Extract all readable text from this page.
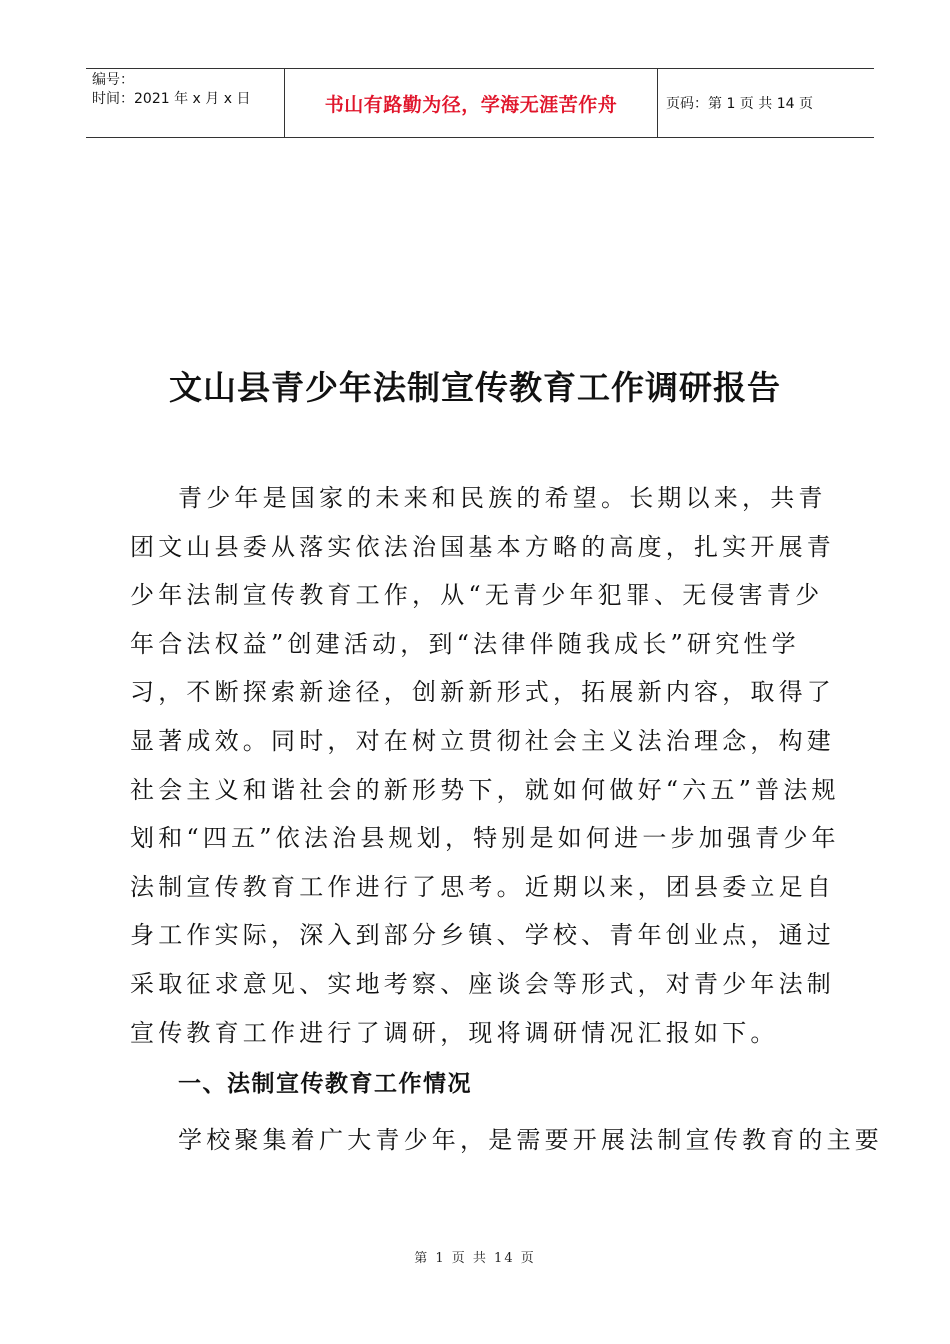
编号：
时间：2021 年 x 月 x 日	书山有路勤为径，学海无涯苦作舟	页码：第 1 页 共 14 页
文山县青少年法制宣传教育工作调研报告

青少年是国家的未来和民族的希望。长期以来，共青团文山县委从落实依法治国基本方略的高度，扎实开展青少年法制宣传教育工作，从“无青少年犯罪、无侵害青少年合法权益”创建活动，到“法律伴随我成长”研究性学习，不断探索新途径，创新新形式，拓展新内容，取得了显著成效。同时，对在树立贯彻社会主义法治理念，构建社会主义和谐社会的新形势下，就如何做好“六五”普法规划和“四五”依法治县规划，特别是如何进一步加强青少年法制宣传教育工作进行了思考。近期以来，团县委立足自身工作实际，深入到部分乡镇、学校、青年创业点，通过采取征求意见、实地考察、座谈会等形式，对青少年法制宣传教育工作进行了调研，现将调研情况汇报如下。

一、法制宣传教育工作情况

学校聚集着广大青少年，是需要开展法制宣传教育的主要

第 1 页 共 14 页
